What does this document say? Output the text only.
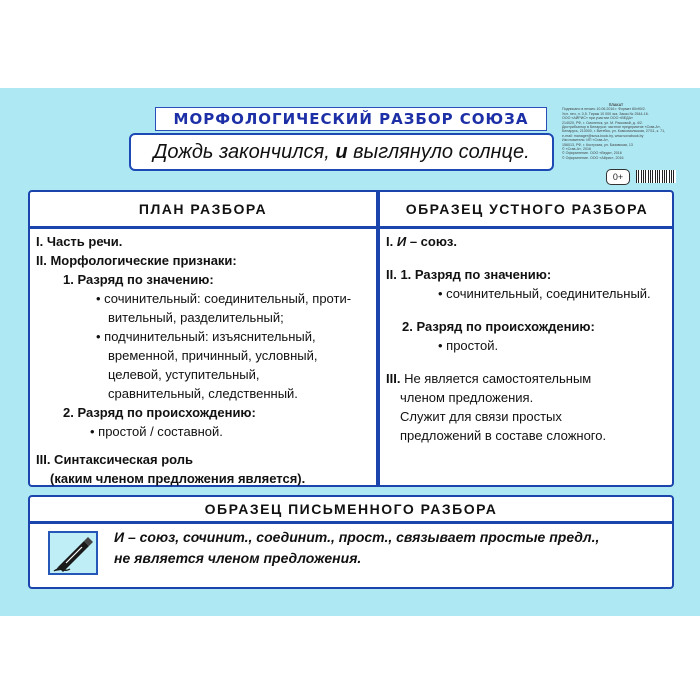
МОРФОЛОГИЧЕСКИЙ РАЗБОР СОЮЗА
Дождь закончился, и выглянуло солнце.
ПЛАКАТ
Подписано в печать 10.06.2016 г. Формат 60х90/2.
Усл. печ. л. 0,5. Тираж 10 000 экз. Заказ № 2544-16.
ООО «АЙРИС» при участии ООО «ВЕДА»
214020, РФ, г. Смоленск, ул. М. Расковой, д. 4/2.
Дистрибьютор в Беларуси: частное предприятие «Сгав-А»,
Беларусь, 210000, г. Витебск, ул. Комсомольская, 27/11, к. 71,
e-mail: manager@sova-book.by, www.sovabook.by
Изготовитель: ИП «Сгав-А»,
156013, РФ, г. Кострома, ул. Базовская, 13
© «Сгав-А», 2016
© Оформление. ООО «Ведa», 2016
© Оформление. ООО «Айрис», 2016
0+
ПЛАН РАЗБОРА	ОБРАЗЕЦ УСТНОГО РАЗБОРА
I. Часть речи.
II. Морфологические признаки:
1. Разряд по значению:
• сочинительный: соединительный, проти-
вительный, разделительный;
• подчинительный: изъяснительный,
временной, причинный, условный,
целевой, уступительный,
сравнительный, следственный.
2. Разряд по происхождению:
• простой / составной.
III. Синтаксическая роль
(каким членом предложения является).
I. И – союз.
II. 1. Разряд по значению:
• сочинительный, соединительный.
2. Разряд по происхождению:
• простой.
III. Не является самостоятельным
членом предложения.
Служит для связи простых
предложений в составе сложного.
ОБРАЗЕЦ ПИСЬМЕННОГО РАЗБОРА
И – союз, сочинит., соединит., прост., связывает простые предл.,
не является членом предложения.
